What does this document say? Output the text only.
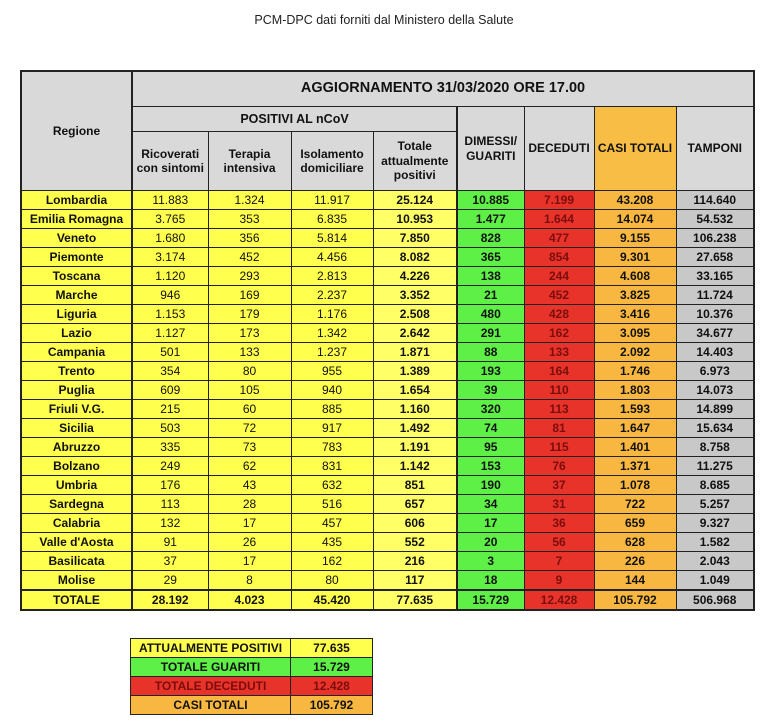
PCM-DPC dati forniti dal Ministero della Salute
Regione	AGGIORNAMENTO 31/03/2020 ORE 17.00							
	POSITIVI AL nCoV				DIMESSI/ GUARITI	DECEDUTI	CASI TOTALI	TAMPONI
	Ricoverati con sintomi	Terapia intensiva	Isolamento domiciliare	Totale attualmente positivi				
Lombardia	11.883	1.324	11.917	25.124	10.885	7.199	43.208	114.640
Emilia Romagna	3.765	353	6.835	10.953	1.477	1.644	14.074	54.532
Veneto	1.680	356	5.814	7.850	828	477	9.155	106.238
Piemonte	3.174	452	4.456	8.082	365	854	9.301	27.658
Toscana	1.120	293	2.813	4.226	138	244	4.608	33.165
Marche	946	169	2.237	3.352	21	452	3.825	11.724
Liguria	1.153	179	1.176	2.508	480	428	3.416	10.376
Lazio	1.127	173	1.342	2.642	291	162	3.095	34.677
Campania	501	133	1.237	1.871	88	133	2.092	14.403
Trento	354	80	955	1.389	193	164	1.746	6.973
Puglia	609	105	940	1.654	39	110	1.803	14.073
Friuli V.G.	215	60	885	1.160	320	113	1.593	14.899
Sicilia	503	72	917	1.492	74	81	1.647	15.634
Abruzzo	335	73	783	1.191	95	115	1.401	8.758
Bolzano	249	62	831	1.142	153	76	1.371	11.275
Umbria	176	43	632	851	190	37	1.078	8.685
Sardegna	113	28	516	657	34	31	722	5.257
Calabria	132	17	457	606	17	36	659	9.327
Valle d'Aosta	91	26	435	552	20	56	628	1.582
Basilicata	37	17	162	216	3	7	226	2.043
Molise	29	8	80	117	18	9	144	1.049
TOTALE	28.192	4.023	45.420	77.635	15.729	12.428	105.792	506.968
ATTUALMENTE POSITIVI	77.635
TOTALE GUARITI	15.729
TOTALE DECEDUTI	12.428
CASI TOTALI	105.792
